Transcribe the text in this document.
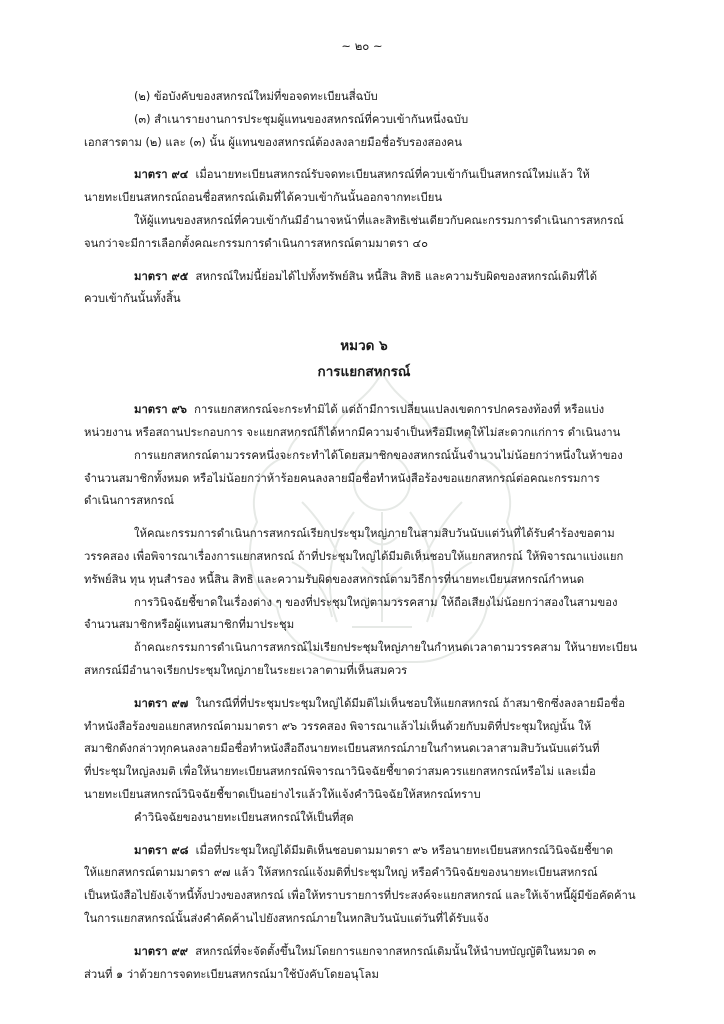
~ ๒๐ ~
(๒) ข้อบังคับของสหกรณ์ใหม่ที่ขอจดทะเบียนสี่ฉบับ
(๓) สำเนารายงานการประชุมผู้แทนของสหกรณ์ที่ควบเข้ากันหนึ่งฉบับ
เอกสารตาม (๒) และ (๓) นั้น ผู้แทนของสหกรณ์ต้องลงลายมือชื่อรับรองสองคน
มาตรา ๙๔ เมื่อนายทะเบียนสหกรณ์รับจดทะเบียนสหกรณ์ที่ควบเข้ากันเป็นสหกรณ์ใหม่แล้ว ให้
นายทะเบียนสหกรณ์ถอนชื่อสหกรณ์เดิมที่ได้ควบเข้ากันนั้นออกจากทะเบียน
ให้ผู้แทนของสหกรณ์ที่ควบเข้ากันมีอำนาจหน้าที่และสิทธิเช่นเดียวกับคณะกรรมการดำเนินการสหกรณ์
จนกว่าจะมีการเลือกตั้งคณะกรรมการดำเนินการสหกรณ์ตามมาตรา ๔๐
มาตรา ๙๕ สหกรณ์ใหม่นี้ย่อมได้ไปทั้งทรัพย์สิน หนี้สิน สิทธิ และความรับผิดของสหกรณ์เดิมที่ได้
ควบเข้ากันนั้นทั้งสิ้น
หมวด ๖
การแยกสหกรณ์
มาตรา ๙๖ การแยกสหกรณ์จะกระทำมิได้ แต่ถ้ามีการเปลี่ยนแปลงเขตการปกครองท้องที่ หรือแบ่ง
หน่วยงาน หรือสถานประกอบการ จะแยกสหกรณ์ก็ได้หากมีความจำเป็นหรือมีเหตุให้ไม่สะดวกแก่การ ดำเนินงาน
การแยกสหกรณ์ตามวรรคหนึ่งจะกระทำได้โดยสมาชิกของสหกรณ์นั้นจำนวนไม่น้อยกว่าหนึ่งในห้าของ
จำนวนสมาชิกทั้งหมด หรือไม่น้อยกว่าห้าร้อยคนลงลายมือชื่อทำหนังสือร้องขอแยกสหกรณ์ต่อคณะกรรมการ
ดำเนินการสหกรณ์
ให้คณะกรรมการดำเนินการสหกรณ์เรียกประชุมใหญ่ภายในสามสิบวันนับแต่วันที่ได้รับคำร้องขอตาม
วรรคสอง เพื่อพิจารณาเรื่องการแยกสหกรณ์ ถ้าที่ประชุมใหญ่ได้มีมติเห็นชอบให้แยกสหกรณ์ ให้พิจารณาแบ่งแยก
ทรัพย์สิน ทุน ทุนสำรอง หนี้สิน สิทธิ และความรับผิดของสหกรณ์ตามวิธีการที่นายทะเบียนสหกรณ์กำหนด
การวินิจฉัยชี้ขาดในเรื่องต่าง ๆ ของที่ประชุมใหญ่ตามวรรคสาม ให้ถือเสียงไม่น้อยกว่าสองในสามของ
จำนวนสมาชิกหรือผู้แทนสมาชิกที่มาประชุม
ถ้าคณะกรรมการดำเนินการสหกรณ์ไม่เรียกประชุมใหญ่ภายในกำหนดเวลาตามวรรคสาม ให้นายทะเบียน
สหกรณ์มีอำนาจเรียกประชุมใหญ่ภายในระยะเวลาตามที่เห็นสมควร
มาตรา ๙๗ ในกรณีที่ที่ประชุมประชุมใหญ่ได้มีมติไม่เห็นชอบให้แยกสหกรณ์ ถ้าสมาชิกซึ่งลงลายมือชื่อ
ทำหนังสือร้องขอแยกสหกรณ์ตามมาตรา ๙๖ วรรคสอง พิจารณาแล้วไม่เห็นด้วยกับมติที่ประชุมใหญ่นั้น ให้
สมาชิกดังกล่าวทุกคนลงลายมือชื่อทำหนังสือถึงนายทะเบียนสหกรณ์ภายในกำหนดเวลาสามสิบวันนับแต่วันที่
ที่ประชุมใหญ่ลงมติ เพื่อให้นายทะเบียนสหกรณ์พิจารณาวินิจฉัยชี้ขาดว่าสมควรแยกสหกรณ์หรือไม่ และเมื่อ
นายทะเบียนสหกรณ์วินิจฉัยชี้ขาดเป็นอย่างไรแล้วให้แจ้งคำวินิจฉัยให้สหกรณ์ทราบ
คำวินิจฉัยของนายทะเบียนสหกรณ์ให้เป็นที่สุด
มาตรา ๙๘ เมื่อที่ประชุมใหญ่ได้มีมติเห็นชอบตามมาตรา ๙๖ หรือนายทะเบียนสหกรณ์วินิจฉัยชี้ขาด
ให้แยกสหกรณ์ตามมาตรา ๙๗ แล้ว ให้สหกรณ์แจ้งมติที่ประชุมใหญ่ หรือคำวินิจฉัยของนายทะเบียนสหกรณ์
เป็นหนังสือไปยังเจ้าหนี้ทั้งปวงของสหกรณ์ เพื่อให้ทราบรายการที่ประสงค์จะแยกสหกรณ์ และให้เจ้าหนี้ผู้มีข้อคัดค้าน
ในการแยกสหกรณ์นั้นส่งคำคัดค้านไปยังสหกรณ์ภายในหกสิบวันนับแต่วันที่ได้รับแจ้ง
มาตรา ๙๙ สหกรณ์ที่จะจัดตั้งขึ้นใหม่โดยการแยกจากสหกรณ์เดิมนั้นให้นำบทบัญญัติในหมวด ๓
ส่วนที่ ๑ ว่าด้วยการจดทะเบียนสหกรณ์มาใช้บังคับโดยอนุโลม
